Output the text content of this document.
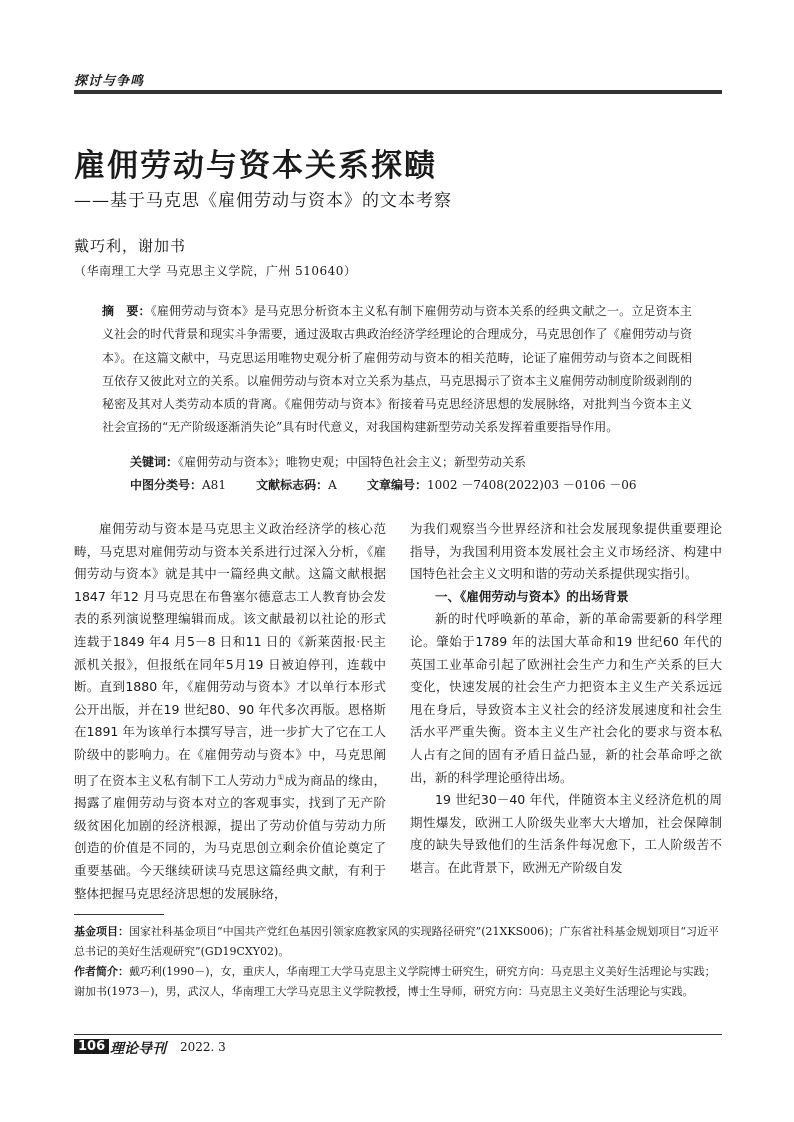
探讨与争鸣
雇佣劳动与资本关系探赜
——基于马克思《雇佣劳动与资本》的文本考察
戴巧利，谢加书
（华南理工大学 马克思主义学院，广州 510640）
摘　要：《雇佣劳动与资本》是马克思分析资本主义私有制下雇佣劳动与资本关系的经典文献之一。立足资本主义社会的时代背景和现实斗争需要，通过汲取古典政治经济学经理论的合理成分，马克思创作了《雇佣劳动与资本》。在这篇文献中，马克思运用唯物史观分析了雇佣劳动与资本的相关范畴，论证了雇佣劳动与资本之间既相互依存又彼此对立的关系。以雇佣劳动与资本对立关系为基点，马克思揭示了资本主义雇佣劳动制度阶级剥削的秘密及其对人类劳动本质的背离。《雇佣劳动与资本》衔接着马克思经济思想的发展脉络，对批判当今资本主义社会宣扬的“无产阶级逐渐消失论”具有时代意义，对我国构建新型劳动关系发挥着重要指导作用。
关键词：《雇佣劳动与资本》；唯物史观；中国特色社会主义；新型劳动关系
中图分类号：A81	文献标志码：A	文章编号：1002 －7408(2022)03 －0106 －06

雇佣劳动与资本是马克思主义政治经济学的核心范畴，马克思对雇佣劳动与资本关系进行过深入分析，《雇佣劳动与资本》就是其中一篇经典文献。这篇文献根据1847 年12 月马克思在布鲁塞尔德意志工人教育协会发表的系列演说整理编辑而成。该文献最初以社论的形式连载于1849 年4 月5－8 日和11 日的《新莱茵报·民主派机关报》，但报纸在同年5月19 日被迫停刊，连载中断。直到1880 年，《雇佣劳动与资本》才以单行本形式公开出版，并在19 世纪80、90 年代多次再版。恩格斯在1891 年为该单行本撰写导言，进一步扩大了它在工人阶级中的影响力。在《雇佣劳动与资本》中，马克思阐明了在资本主义私有制下工人劳动力①成为商品的缘由，揭露了雇佣劳动与资本对立的客观事实，找到了无产阶级贫困化加剧的经济根源，提出了劳动价值与劳动力所创造的价值是不同的，为马克思创立剩余价值论奠定了重要基础。今天继续研读马克思这篇经典文献，有利于整体把握马克思经济思想的发展脉络，

为我们观察当今世界经济和社会发展现象提供重要理论指导，为我国利用资本发展社会主义市场经济、构建中国特色社会主义文明和谐的劳动关系提供现实指引。

一、《雇佣劳动与资本》的出场背景

新的时代呼唤新的革命，新的革命需要新的科学理论。肇始于1789 年的法国大革命和19 世纪60 年代的英国工业革命引起了欧洲社会生产力和生产关系的巨大变化，快速发展的社会生产力把资本主义生产关系远远甩在身后，导致资本主义社会的经济发展速度和社会生活水平严重失衡。资本主义生产社会化的要求与资本私人占有之间的固有矛盾日益凸显，新的社会革命呼之欲出，新的科学理论亟待出场。

19 世纪30－40 年代，伴随资本主义经济危机的周期性爆发，欧洲工人阶级失业率大大增加，社会保障制度的缺失导致他们的生活条件每况愈下，工人阶级苦不堪言。在此背景下，欧洲无产阶级自发

基金项目：国家社科基金项目“中国共产党红色基因引领家庭教家风的实现路径研究”(21XKS006)；广东省社科基金规划项目“习近平总书记的美好生活观研究”(GD19CXY02)。

作者简介：戴巧利(1990－)，女，重庆人，华南理工大学马克思主义学院博士研究生，研究方向：马克思主义美好生活理论与实践；谢加书(1973－)，男，武汉人，华南理工大学马克思主义学院教授，博士生导师，研究方向：马克思主义美好生活理论与实践。

106 理论导刊 2022. 3
